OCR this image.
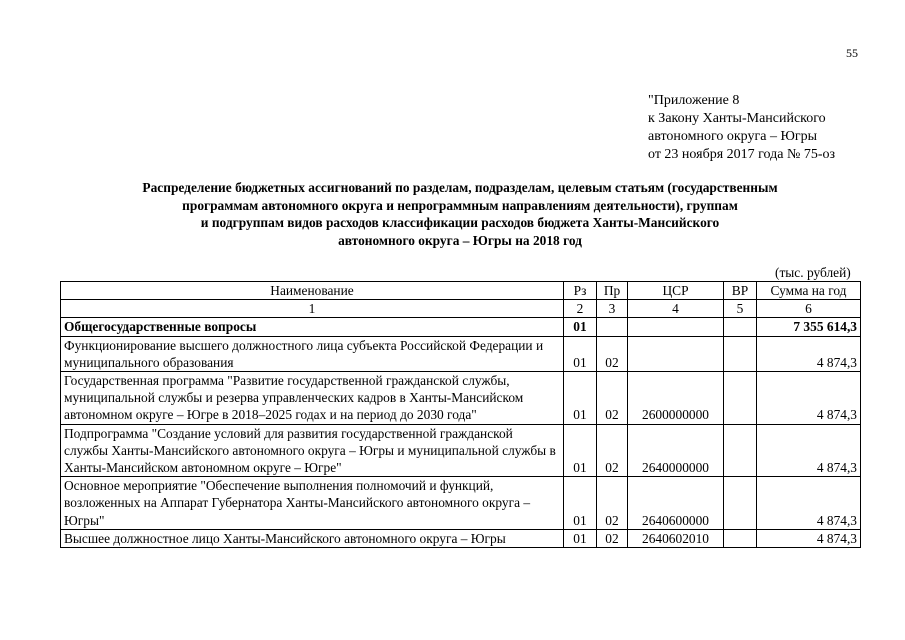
55
"Приложение 8
к Закону Ханты-Мансийского
автономного округа – Югры
от 23 ноября 2017 года № 75-оз
Распределение бюджетных ассигнований по разделам, подразделам, целевым статьям (государственным
программам автономного округа и непрограммным направлениям деятельности), группам
и подгруппам видов расходов классификации расходов бюджета Ханты-Мансийского
автономного округа – Югры на 2018 год
(тыс. рублей)
Наименование	Рз	Пр	ЦСР	ВР	Сумма на год
1	2	3	4	5	6
Общегосударственные вопросы	01				7 355 614,3
Функционирование высшего должностного лица субъекта Российской Федерации и муниципального образования	01	02			4 874,3
Государственная программа "Развитие государственной гражданской службы, муниципальной службы и резерва управленческих кадров в Ханты-Мансийском автономном округе – Югре в 2018–2025 годах и на период до 2030 года"	01	02	2600000000		4 874,3
Подпрограмма "Создание условий для развития государственной гражданской службы Ханты-Мансийского автономного округа – Югры и муниципальной службы в Ханты-Мансийском автономном округе – Югре"	01	02	2640000000		4 874,3
Основное мероприятие "Обеспечение выполнения полномочий и функций, возложенных на Аппарат Губернатора Ханты-Мансийского автономного округа – Югры"	01	02	2640600000		4 874,3
Высшее должностное лицо Ханты-Мансийского автономного округа – Югры	01	02	2640602010		4 874,3
